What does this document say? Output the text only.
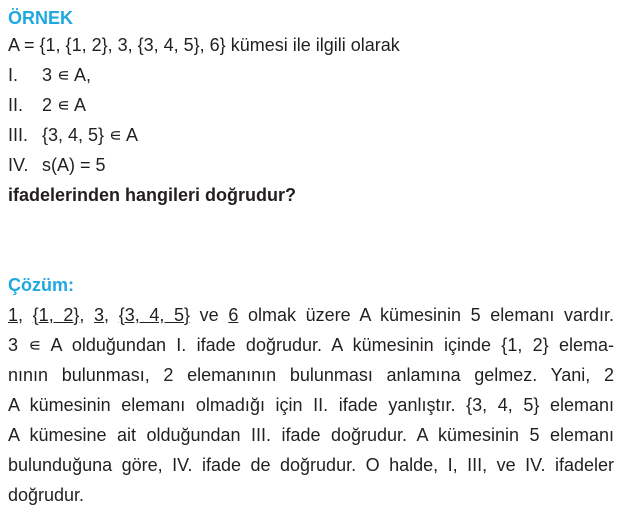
ÖRNEK
A = {1, {1, 2}, 3, {3, 4, 5}, 6} kümesi ile ilgili olarak
I.	3 ∊ A,
II.	2 ∊ A
III. {3, 4, 5} ∊ A
IV. s(A) = 5
ifadelerinden hangileri doğrudur?
Çözüm:
1, {1, 2}, 3, {3, 4, 5} ve 6 olmak üzere A kümesinin 5 elemanı vardır.
3 ∊ A olduğundan I. ifade doğrudur. A kümesinin içinde {1, 2} elema-
nının bulunması, 2 elemanının bulunması anlamına gelmez. Yani, 2
A kümesinin elemanı olmadığı için II. ifade yanlıştır. {3, 4, 5} elemanı
A kümesine ait olduğundan III. ifade doğrudur. A kümesinin 5 elemanı
bulunduğuna göre, IV. ifade de doğrudur. O halde, I, III, ve IV. ifadeler
doğrudur.
